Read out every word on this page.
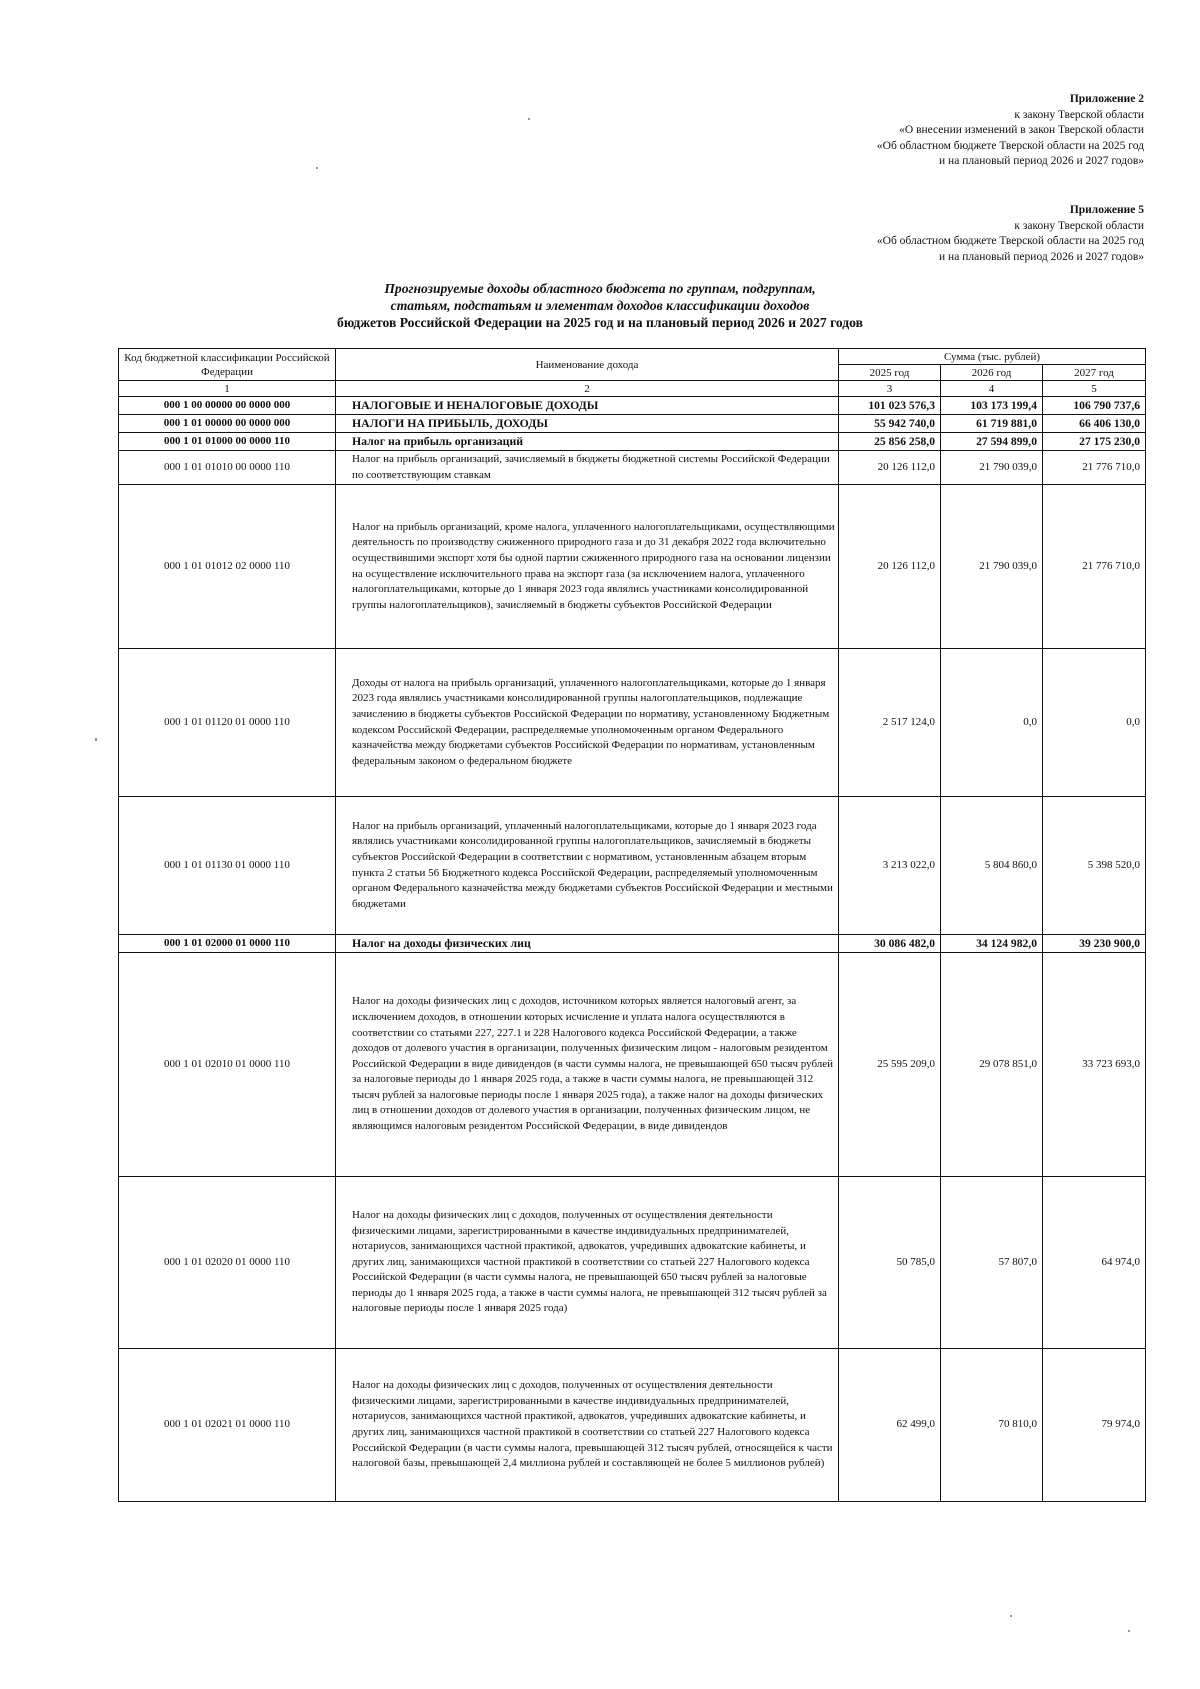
Приложение 2
к закону Тверской области
«О внесении изменений в закон Тверской области
«Об областном бюджете Тверской области на 2025 год
и на плановый период 2026 и 2027 годов»
Приложение 5
к закону Тверской области
«Об областном бюджете Тверской области на 2025 год
и на плановый период 2026 и 2027 годов»
Прогнозируемые доходы областного бюджета по группам, подгруппам,
статьям, подстатьям и элементам доходов классификации доходов
бюджетов Российской Федерации на 2025 год и на плановый период 2026 и 2027 годов
Код бюджетной классификации Российской Федерации	Наименование дохода	Сумма (тыс. рублей)		
		2025 год	2026 год	2027 год
1	2	3	4	5
000 1 00 00000 00 0000 000	НАЛОГОВЫЕ И НЕНАЛОГОВЫЕ ДОХОДЫ	101 023 576,3	103 173 199,4	106 790 737,6
000 1 01 00000 00 0000 000	НАЛОГИ НА ПРИБЫЛЬ, ДОХОДЫ	55 942 740,0	61 719 881,0	66 406 130,0
000 1 01 01000 00 0000 110	Налог на прибыль организаций	25 856 258,0	27 594 899,0	27 175 230,0
000 1 01 01010 00 0000 110	Налог на прибыль организаций, зачисляемый в бюджеты бюджетной системы Российской Федерации по соответствующим ставкам	20 126 112,0	21 790 039,0	21 776 710,0
000 1 01 01012 02 0000 110	Налог на прибыль организаций, кроме налога, уплаченного налогоплательщиками, осуществляющими деятельность по производству сжиженного природного газа и до 31 декабря 2022 года включительно осуществившими экспорт хотя бы одной партии сжиженного природного газа на основании лицензии на осуществление исключительного права на экспорт газа (за исключением налога, уплаченного налогоплательщиками, которые до 1 января 2023 года являлись участниками консолидированной группы налогоплательщиков), зачисляемый в бюджеты субъектов Российской Федерации	20 126 112,0	21 790 039,0	21 776 710,0
000 1 01 01120 01 0000 110	Доходы от налога на прибыль организаций, уплаченного налогоплательщиками, которые до 1 января 2023 года являлись участниками консолидированной группы налогоплательщиков, подлежащие зачислению в бюджеты субъектов Российской Федерации по нормативу, установленному Бюджетным кодексом Российской Федерации, распределяемые уполномоченным органом Федерального казначейства между бюджетами субъектов Российской Федерации по нормативам, установленным федеральным законом о федеральном бюджете	2 517 124,0	0,0	0,0
000 1 01 01130 01 0000 110	Налог на прибыль организаций, уплаченный налогоплательщиками, которые до 1 января 2023 года являлись участниками консолидированной группы налогоплательщиков, зачисляемый в бюджеты субъектов Российской Федерации в соответствии с нормативом, установленным абзацем вторым пункта 2 статьи 56 Бюджетного кодекса Российской Федерации, распределяемый уполномоченным органом Федерального казначейства между бюджетами субъектов Российской Федерации и местными бюджетами	3 213 022,0	5 804 860,0	5 398 520,0
000 1 01 02000 01 0000 110	Налог на доходы физических лиц	30 086 482,0	34 124 982,0	39 230 900,0
000 1 01 02010 01 0000 110	Налог на доходы физических лиц с доходов, источником которых является налоговый агент, за исключением доходов, в отношении которых исчисление и уплата налога осуществляются в соответствии со статьями 227, 227.1 и 228 Налогового кодекса Российской Федерации, а также доходов от долевого участия в организации, полученных физическим лицом - налоговым резидентом Российской Федерации в виде дивидендов (в части суммы налога, не превышающей 650 тысяч рублей за налоговые периоды до 1 января 2025 года, а также в части суммы налога, не превышающей 312 тысяч рублей за налоговые периоды после 1 января 2025 года), а также налог на доходы физических лиц в отношении доходов от долевого участия в организации, полученных физическим лицом, не являющимся налоговым резидентом Российской Федерации, в виде дивидендов	25 595 209,0	29 078 851,0	33 723 693,0
000 1 01 02020 01 0000 110	Налог на доходы физических лиц с доходов, полученных от осуществления деятельности физическими лицами, зарегистрированными в качестве индивидуальных предпринимателей, нотариусов, занимающихся частной практикой, адвокатов, учредивших адвокатские кабинеты, и других лиц, занимающихся частной практикой в соответствии со статьей 227 Налогового кодекса Российской Федерации (в части суммы налога, не превышающей 650 тысяч рублей за налоговые периоды до 1 января 2025 года, а также в части суммы налога, не превышающей 312 тысяч рублей за налоговые периоды после 1 января 2025 года)	50 785,0	57 807,0	64 974,0
000 1 01 02021 01 0000 110	Налог на доходы физических лиц с доходов, полученных от осуществления деятельности физическими лицами, зарегистрированными в качестве индивидуальных предпринимателей, нотариусов, занимающихся частной практикой, адвокатов, учредивших адвокатские кабинеты, и других лиц, занимающихся частной практикой в соответствии со статьей 227 Налогового кодекса Российской Федерации (в части суммы налога, превышающей 312 тысяч рублей, относящейся к части налоговой базы, превышающей 2,4 миллиона рублей и составляющей не более 5 миллионов рублей)	62 499,0	70 810,0	79 974,0
